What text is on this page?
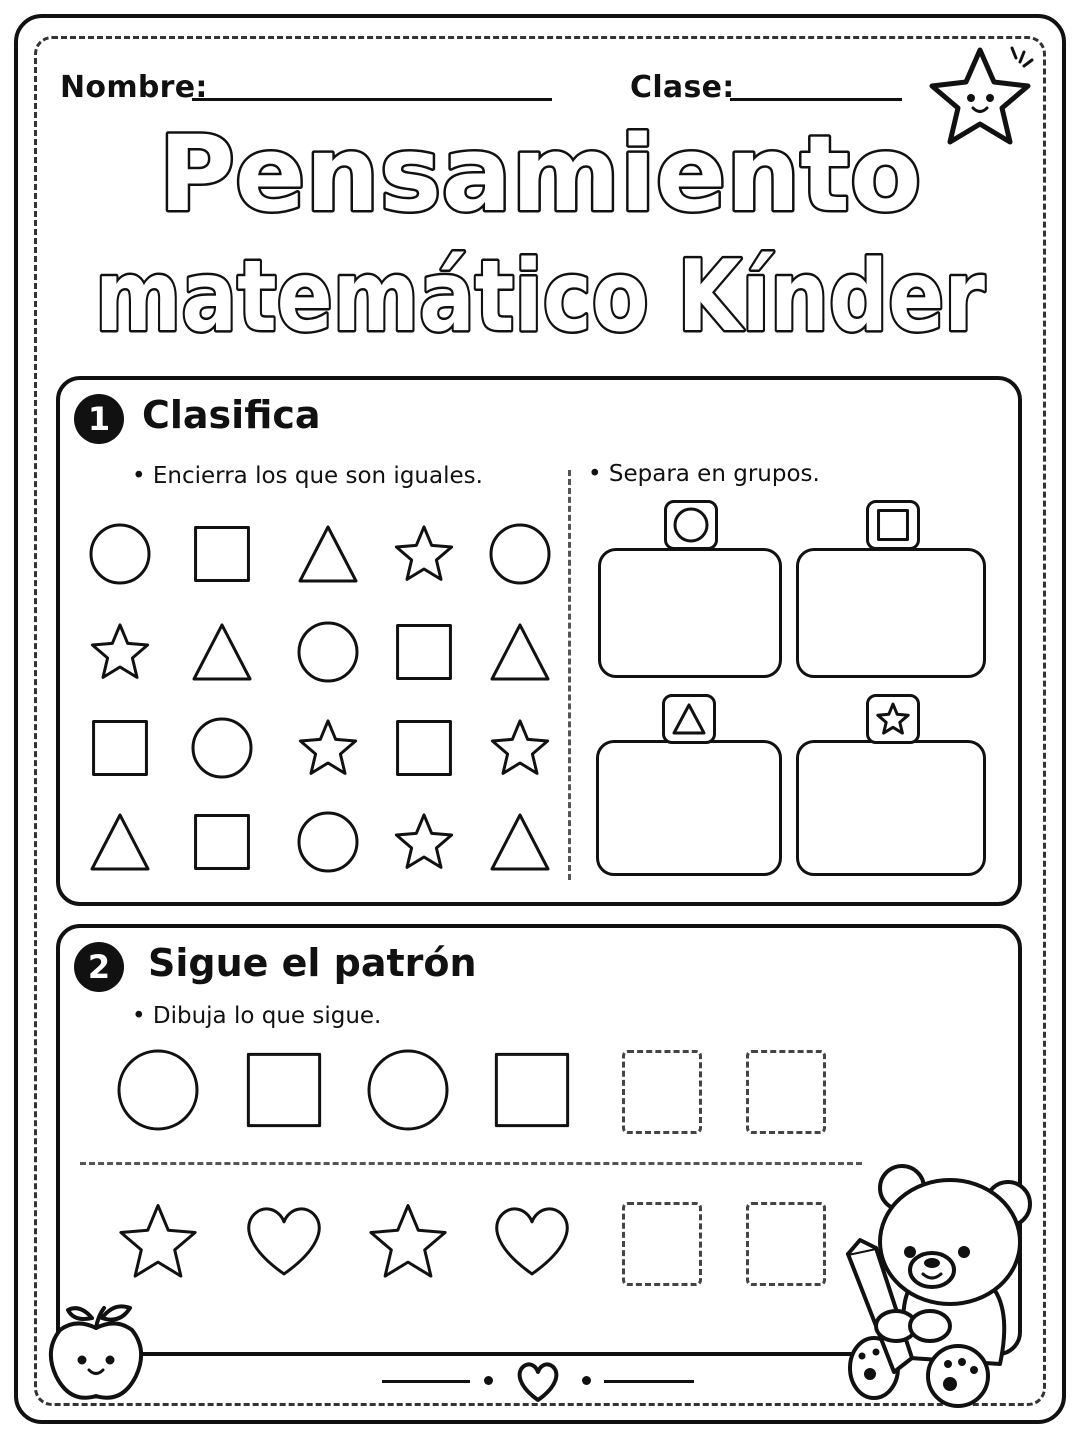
Nombre:	Clase:
Pensamiento
matemático Kínder
1 Clasifica
• Encierra los que son iguales.	• Separa en grupos.
2 Sigue el patrón
• Dibuja lo que sigue.
